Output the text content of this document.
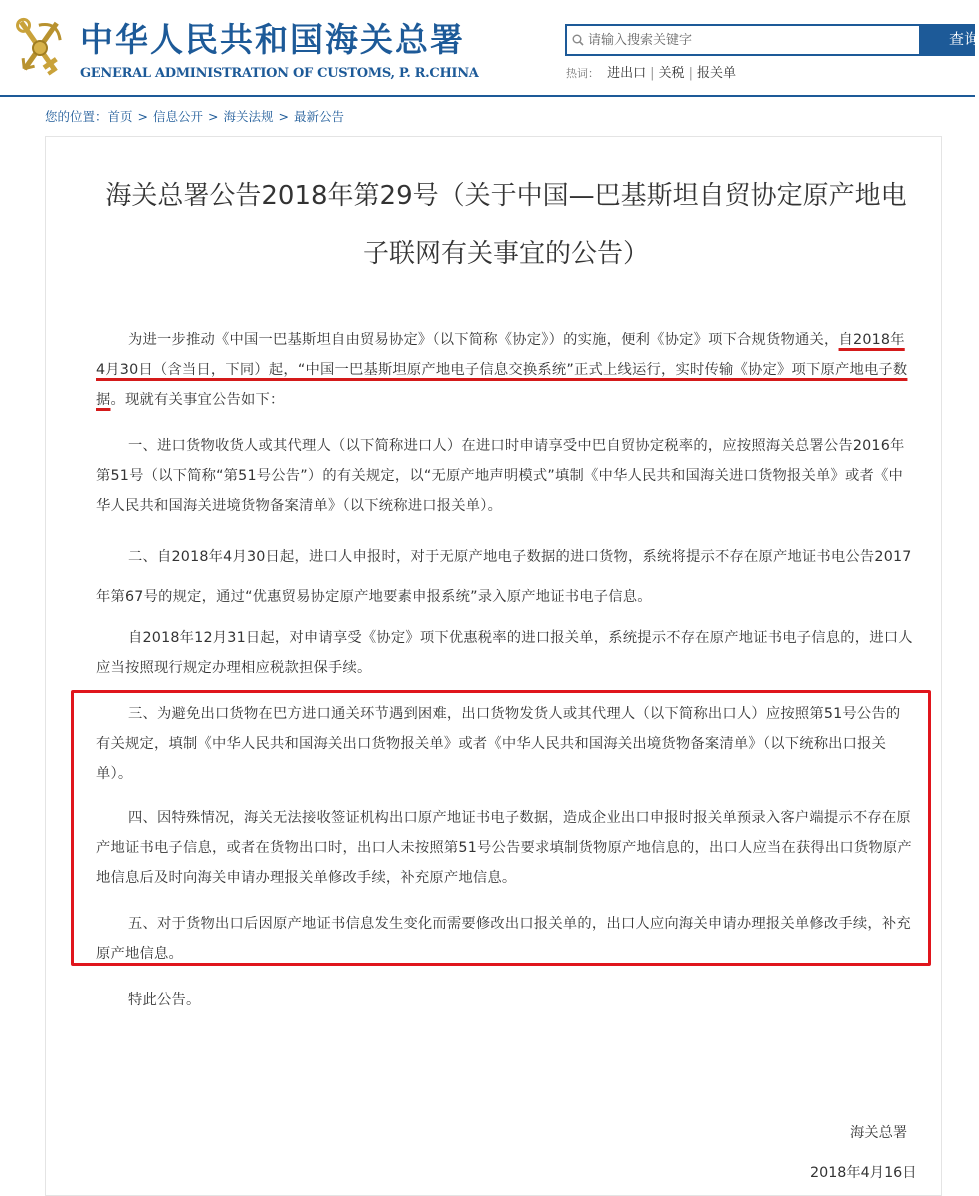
中华人民共和国海关总署
GENERAL ADMINISTRATION OF CUSTOMS, P. R.CHINA
请输入搜索关键字
查询
热词： 进出口 | 关税 | 报关单
您的位置：首页 > 信息公开 > 海关法规 > 最新公告
海关总署公告2018年第29号（关于中国—巴基斯坦自贸协定原产地电子联网有关事宜的公告）

为进一步推动《中国一巴基斯坦自由贸易协定》（以下简称《协定》）的实施，便利《协定》项下合规货物通关，自2018年4月30日（含当日，下同）起，“中国一巴基斯坦原产地电子信息交换系统”正式上线运行，实时传输《协定》项下原产地电子数据。现就有关事宜公告如下：

一、进口货物收货人或其代理人（以下简称进口人）在进口时申请享受中巴自贸协定税率的，应按照海关总署公告2016年第51号（以下简称“第51号公告”）的有关规定，以“无原产地声明模式”填制《中华人民共和国海关进口货物报关单》或者《中华人民共和国海关进境货物备案清单》（以下统称进口报关单）。

二、自2018年4月30日起，进口人申报时，对于无原产地电子数据的进口货物，系统将提示不存在原产地证书电公告2017年第67号的规定，通过“优惠贸易协定原产地要素申报系统”录入原产地证书电子信息。

自2018年12月31日起，对申请享受《协定》项下优惠税率的进口报关单，系统提示不存在原产地证书电子信息的，进口人应当按照现行规定办理相应税款担保手续。

三、为避免出口货物在巴方进口通关环节遇到困难，出口货物发货人或其代理人（以下简称出口人）应按照第51号公告的有关规定，填制《中华人民共和国海关出口货物报关单》或者《中华人民共和国海关出境货物备案清单》（以下统称出口报关单）。

四、因特殊情况，海关无法接收签证机构出口原产地证书电子数据，造成企业出口申报时报关单预录入客户端提示不存在原产地证书电子信息，或者在货物出口时，出口人未按照第51号公告要求填制货物原产地信息的，出口人应当在获得出口货物原产地信息后及时向海关申请办理报关单修改手续，补充原产地信息。

五、对于货物出口后因原产地证书信息发生变化而需要修改出口报关单的，出口人应向海关申请办理报关单修改手续，补充原产地信息。

特此公告。

海关总署
2018年4月16日
